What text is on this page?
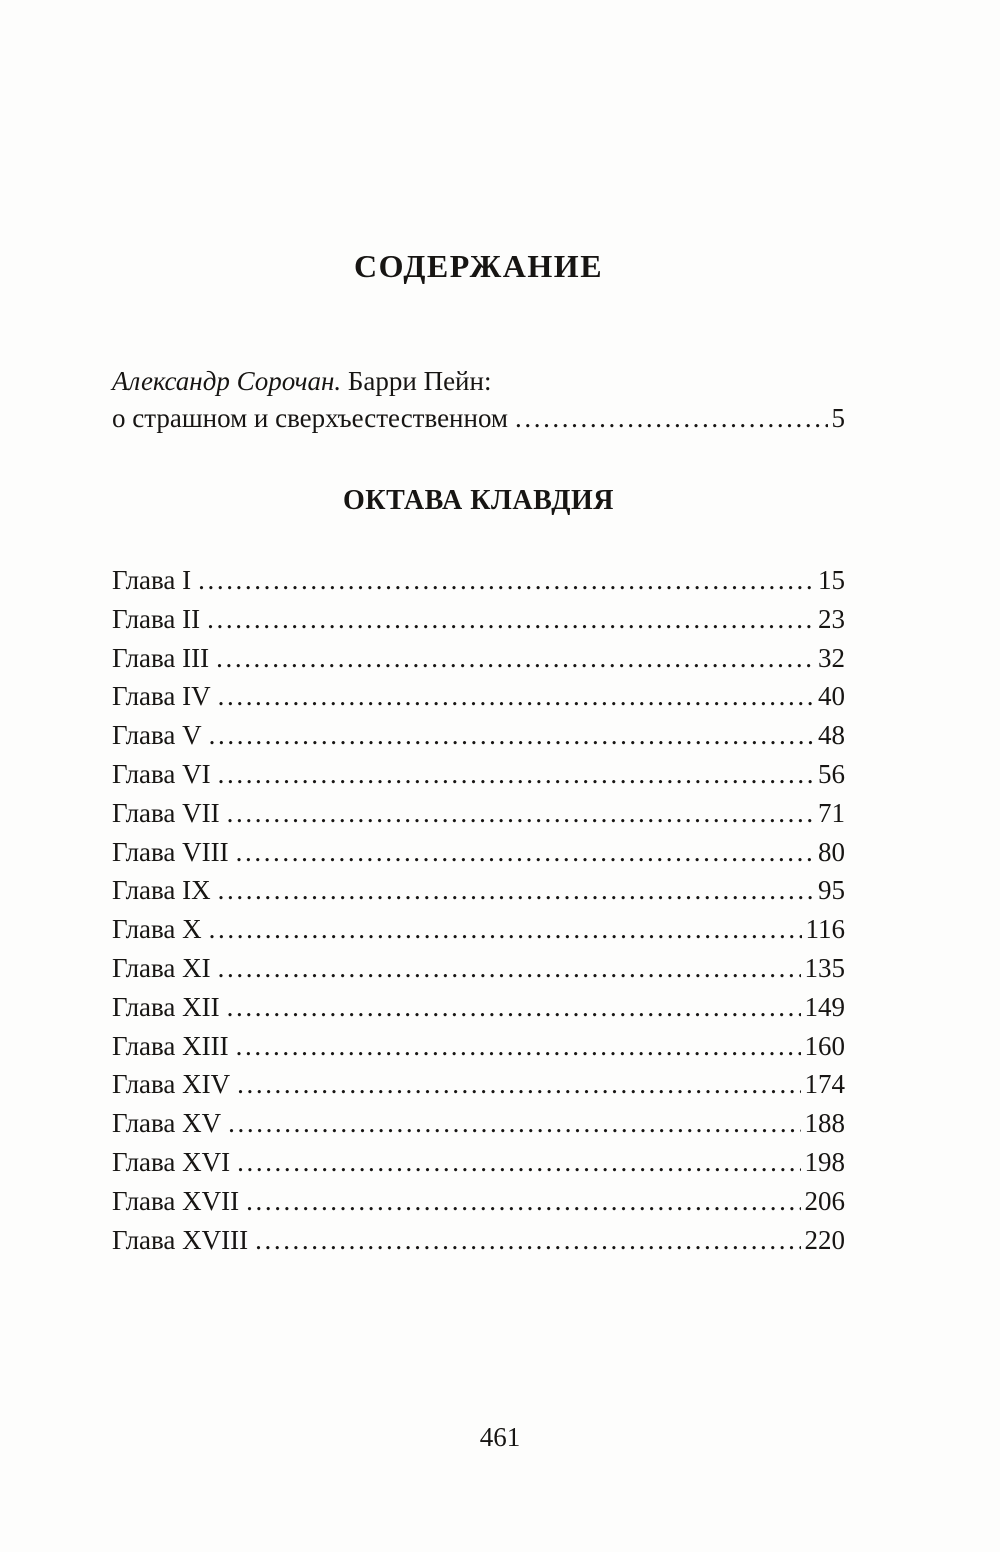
СОДЕРЖАНИЕ
Александр Сорочан. Барри Пейн:
о страшном и сверхъестественном .....	5
ОКТАВА КЛАВДИЯ
Глава I .....	15
Глава II .....	23
Глава III .....	32
Глава IV .....	40
Глава V .....	48
Глава VI .....	56
Глава VII .....	71
Глава VIII .....	80
Глава IX .....	95
Глава X .....	116
Глава XI .....	135
Глава XII .....	149
Глава XIII .....	160
Глава XIV .....	174
Глава XV .....	188
Глава XVI .....	198
Глава XVII .....	206
Глава XVIII .....	220
461
